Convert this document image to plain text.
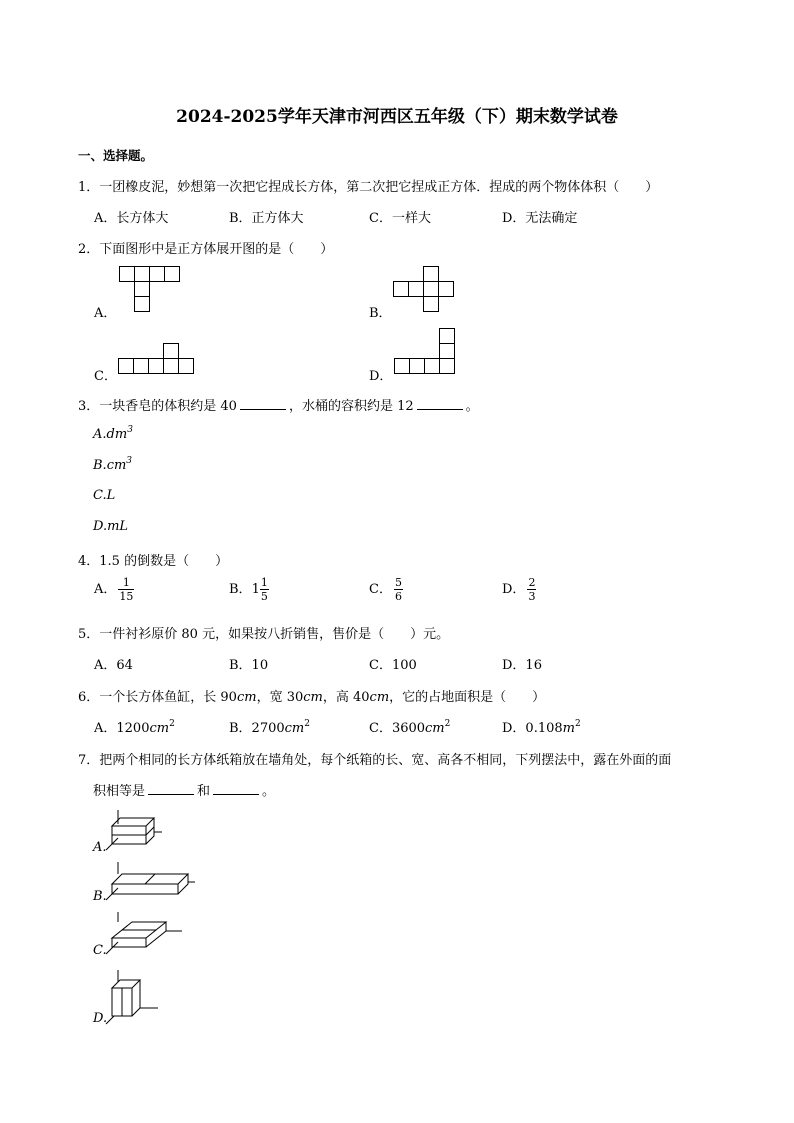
2024-2025学年天津市河西区五年级（下）期末数学试卷
一、选择题。
1．一团橡皮泥，妙想第一次把它捏成长方体，第二次把它捏成正方体．捏成的两个物体体积（　　）
A．长方体大	B．正方体大	C．一样大	D．无法确定
2．下面图形中是正方体展开图的是（　　）
A．	B．
C．	D．
3．一块香皂的体积约是 40	，水桶的容积约是 12	。
$A.dm^3$
$B.cm^3$
C.L
D.mL
4．1.5 的倒数是（　　）
A． $\frac{1}{15}$	B．$1 \frac{1}{5}$	C． $\frac{5}{6}$	D． $\frac{2}{3}$
5．一件衬衫原价 80 元，如果按八折销售，售价是（　　）元。
A．64	B．10	C．100	D．16
6．一个长方体鱼缸，长 90cm，宽 30cm，高 40cm，它的占地面积是（　　）
A．$1200cm^2$	B．$2700cm^2$	C．$3600cm^2$	D．$0.108m^2$
7．把两个相同的长方体纸箱放在墙角处，每个纸箱的长、宽、高各不相同，下列摆法中，露在外面的面
积相等是	和	。
A.
B.
C.
D.
